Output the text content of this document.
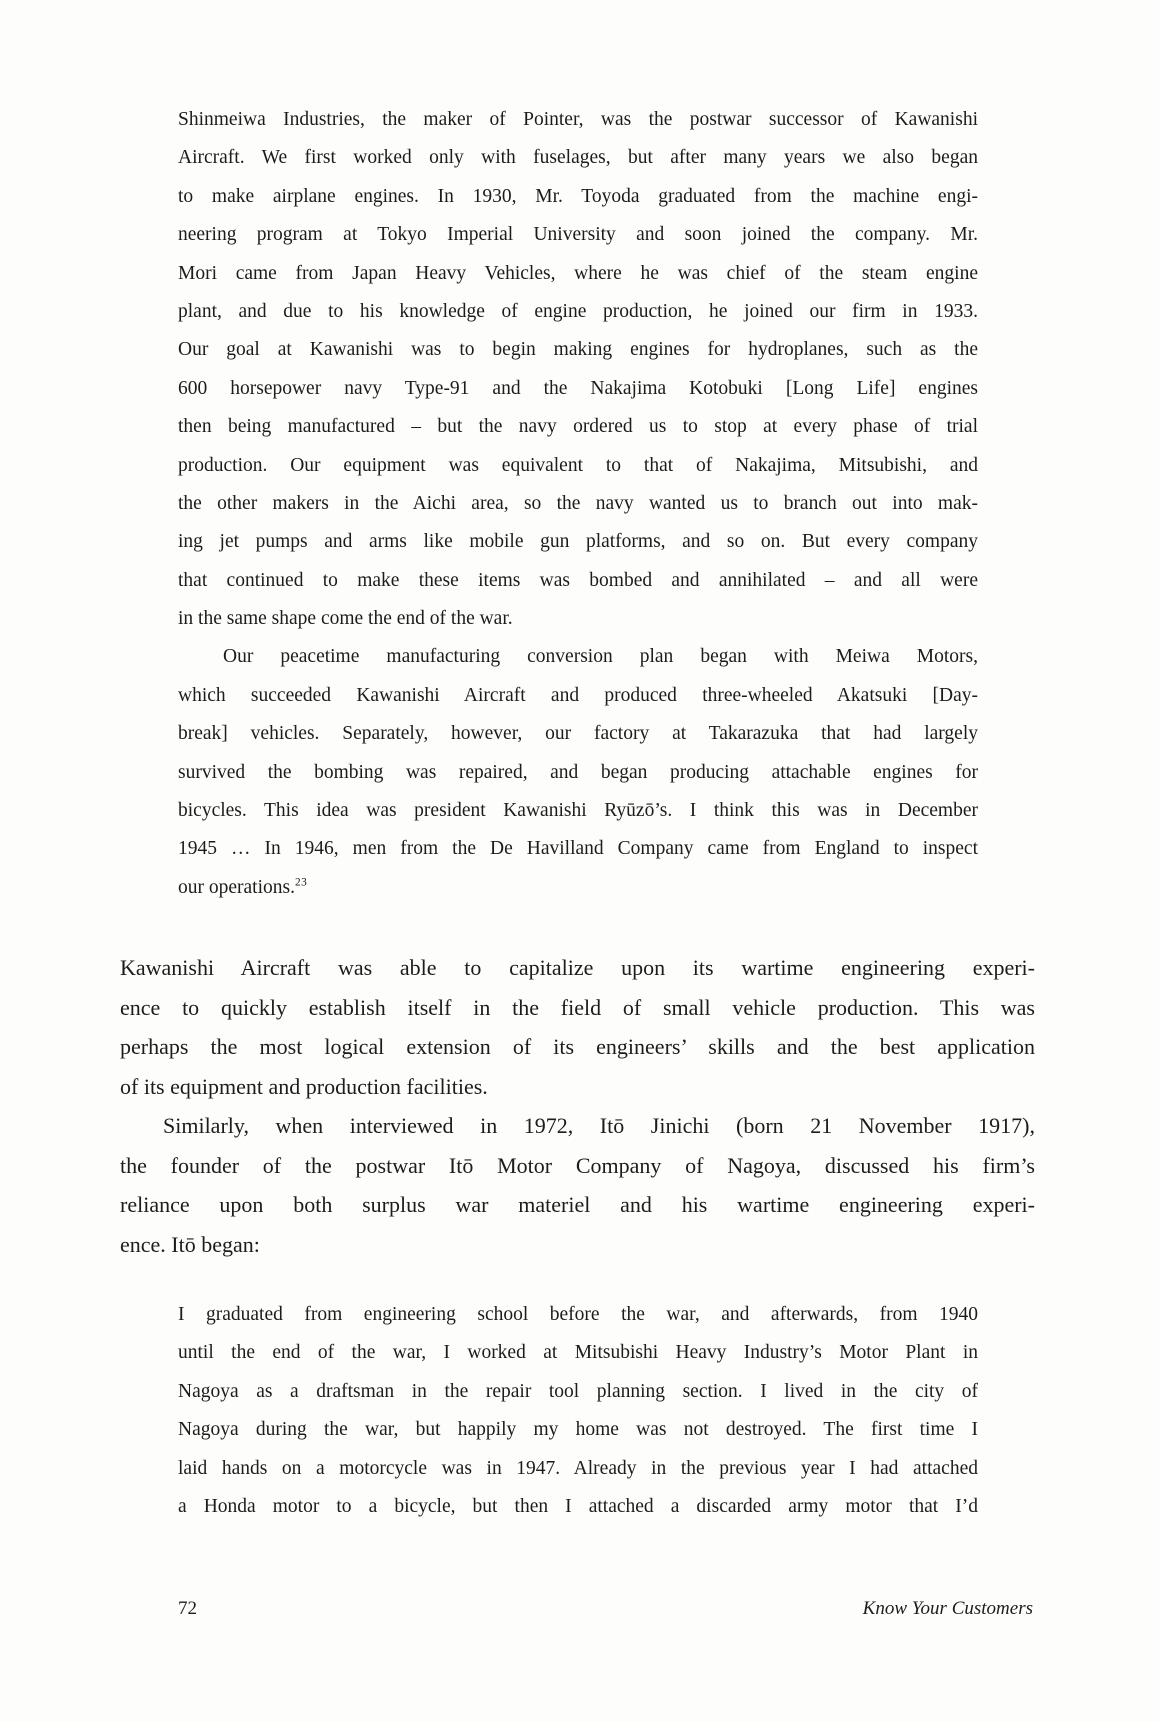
Shinmeiwa Industries, the maker of Pointer, was the postwar successor of Kawanishi
Aircraft. We first worked only with fuselages, but after many years we also began
to make airplane engines. In 1930, Mr. Toyoda graduated from the machine engi-
neering program at Tokyo Imperial University and soon joined the company. Mr.
Mori came from Japan Heavy Vehicles, where he was chief of the steam engine
plant, and due to his knowledge of engine production, he joined our firm in 1933.
Our goal at Kawanishi was to begin making engines for hydroplanes, such as the
600 horsepower navy Type-91 and the Nakajima Kotobuki [Long Life] engines
then being manufactured – but the navy ordered us to stop at every phase of trial
production. Our equipment was equivalent to that of Nakajima, Mitsubishi, and
the other makers in the Aichi area, so the navy wanted us to branch out into mak-
ing jet pumps and arms like mobile gun platforms, and so on. But every company
that continued to make these items was bombed and annihilated – and all were
in the same shape come the end of the war.
Our peacetime manufacturing conversion plan began with Meiwa Motors,
which succeeded Kawanishi Aircraft and produced three-wheeled Akatsuki [Day-
break] vehicles. Separately, however, our factory at Takarazuka that had largely
survived the bombing was repaired, and began producing attachable engines for
bicycles. This idea was president Kawanishi Ryūzō’s. I think this was in December
1945 … In 1946, men from the De Havilland Company came from England to inspect
our operations.$^{23}$
Kawanishi Aircraft was able to capitalize upon its wartime engineering experi-
ence to quickly establish itself in the field of small vehicle production. This was
perhaps the most logical extension of its engineers’ skills and the best application
of its equipment and production facilities.
Similarly, when interviewed in 1972, Itō Jinichi (born 21 November 1917),
the founder of the postwar Itō Motor Company of Nagoya, discussed his firm’s
reliance upon both surplus war materiel and his wartime engineering experi-
ence. Itō began:
I graduated from engineering school before the war, and afterwards, from 1940
until the end of the war, I worked at Mitsubishi Heavy Industry’s Motor Plant in
Nagoya as a draftsman in the repair tool planning section. I lived in the city of
Nagoya during the war, but happily my home was not destroyed. The first time I
laid hands on a motorcycle was in 1947. Already in the previous year I had attached
a Honda motor to a bicycle, but then I attached a discarded army motor that I’d
72	Know Your Customers
